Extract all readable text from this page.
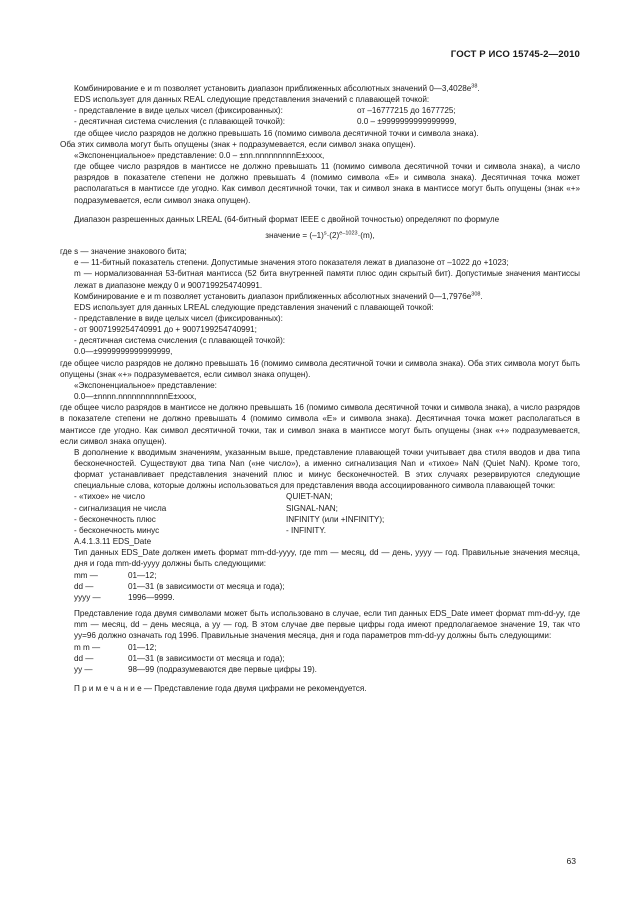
ГОСТ Р ИСО 15745-2—2010

Комбинирование e и m позволяет установить диапазон приближенных абсолютных значений $0—3,4028e^{38}$.

EDS использует для данных REAL следующие представления значений с плавающей точкой:

- представление в виде целых чисел (фиксированных):	от –16777215 до 1677725;
- десятичная система счисления (с плавающей точкой):	0.0 – ±9999999999999999,

где общее число разрядов не должно превышать 16 (помимо символа десятичной точки и символа знака).

Оба этих символа могут быть опущены (знак + подразумевается, если символ знака опущен).

«Экспоненциальное» представление: 0.0 – ±nn.nnnnnnnnnE±xxxx,

где общее число разрядов в мантиссе не должно превышать 11 (помимо символа десятичной точки и символа знака), а число разрядов в показателе степени не должно превышать 4 (помимо символа «E» и символа знака). Десятичная точка может располагаться в мантиссе где угодно. Как символ десятичной точки, так и символ знака в мантиссе могут быть опущены (знак «+» подразумевается, если символ знака опущен).

Диапазон разрешенных данных LREAL (64-битный формат IEEE с двойной точностью) определяют по формуле

значение = $(-1)^s\cdot(2)^{e-1023}\cdot(m)$,

где s — значение знакового бита;

e — 11-битный показатель степени. Допустимые значения этого показателя лежат в диапазоне от –1022 до +1023;

m — нормализованная 53-битная мантисса (52 бита внутренней памяти плюс один скрытый бит). Допустимые значения мантиссы лежат в диапазоне между 0 и 9007199254740991.

Комбинирование e и m позволяет установить диапазон приближенных абсолютных значений $0—1,7976e^{308}$.

EDS использует для данных LREAL следующие представления значений с плавающей точкой:

- представление в виде целых чисел (фиксированных):

- от 9007199254740991 до + 9007199254740991;

- десятичная система счисления (с плавающей точкой):

0.0—±9999999999999999,

где общее число разрядов не должно превышать 16 (помимо символа десятичной точки и символа знака). Оба этих символа могут быть опущены (знак «+» подразумевается, если символ знака опущен).

«Экспоненциальное» представление:

0.0—±nnnn.nnnnnnnnnnnE±xxxx,

где общее число разрядов в мантиссе не должно превышать 16 (помимо символа десятичной точки и символа знака), а число разрядов в показателе степени не должно превышать 4 (помимо символа «E» и символа знака). Десятичная точка может располагаться в мантиссе где угодно. Как символ десятичной точки, так и символ знака в мантиссе могут быть опущены (знак «+» подразумевается, если символ знака опущен).

В дополнение к вводимым значениям, указанным выше, представление плавающей точки учитывает два стиля вводов и два типа бесконечностей. Существуют два типа Nan («не число»), а именно сигнализация Nan и «тихое» NaN (Quiet NaN). Кроме того, формат устанавливает представления значений плюс и минус бесконечностей. В этих случаях резервируются следующие специальные слова, которые должны использоваться для представления ввода ассоциированного символа плавающей точки:

- «тихое» не число	QUIET-NAN;
- сигнализация не числа	SIGNAL-NAN;
- бесконечность плюс	INFINITY (или +INFINITY);
- бесконечность минус	- INFINITY.

А.4.1.3.11 EDS_Date

Тип данных EDS_Date должен иметь формат mm-dd-yyyy, где mm — месяц, dd — день, yyyy — год. Правильные значения месяца, дня и года mm-dd-yyyy должны быть следующими:

mm —	01—12;
dd —	01—31 (в зависимости от месяца и года);
yyyy —	1996—9999.

Представление года двумя символами может быть использовано в случае, если тип данных EDS_Date имеет формат mm-dd-yy, где mm — месяц, dd – день месяца, а yy — год. В этом случае две первые цифры года имеют предполагаемое значение 19, так что yy=96 должно означать год 1996. Правильные значения месяца, дня и года параметров mm-dd-yy должны быть следующими:

m m —	01—12;
dd —	01—31 (в зависимости от месяца и года);
yy —	98—99 (подразумеваются две первые цифры 19).

П р и м е ч а н и е — Представление года двумя цифрами не рекомендуется.

63
